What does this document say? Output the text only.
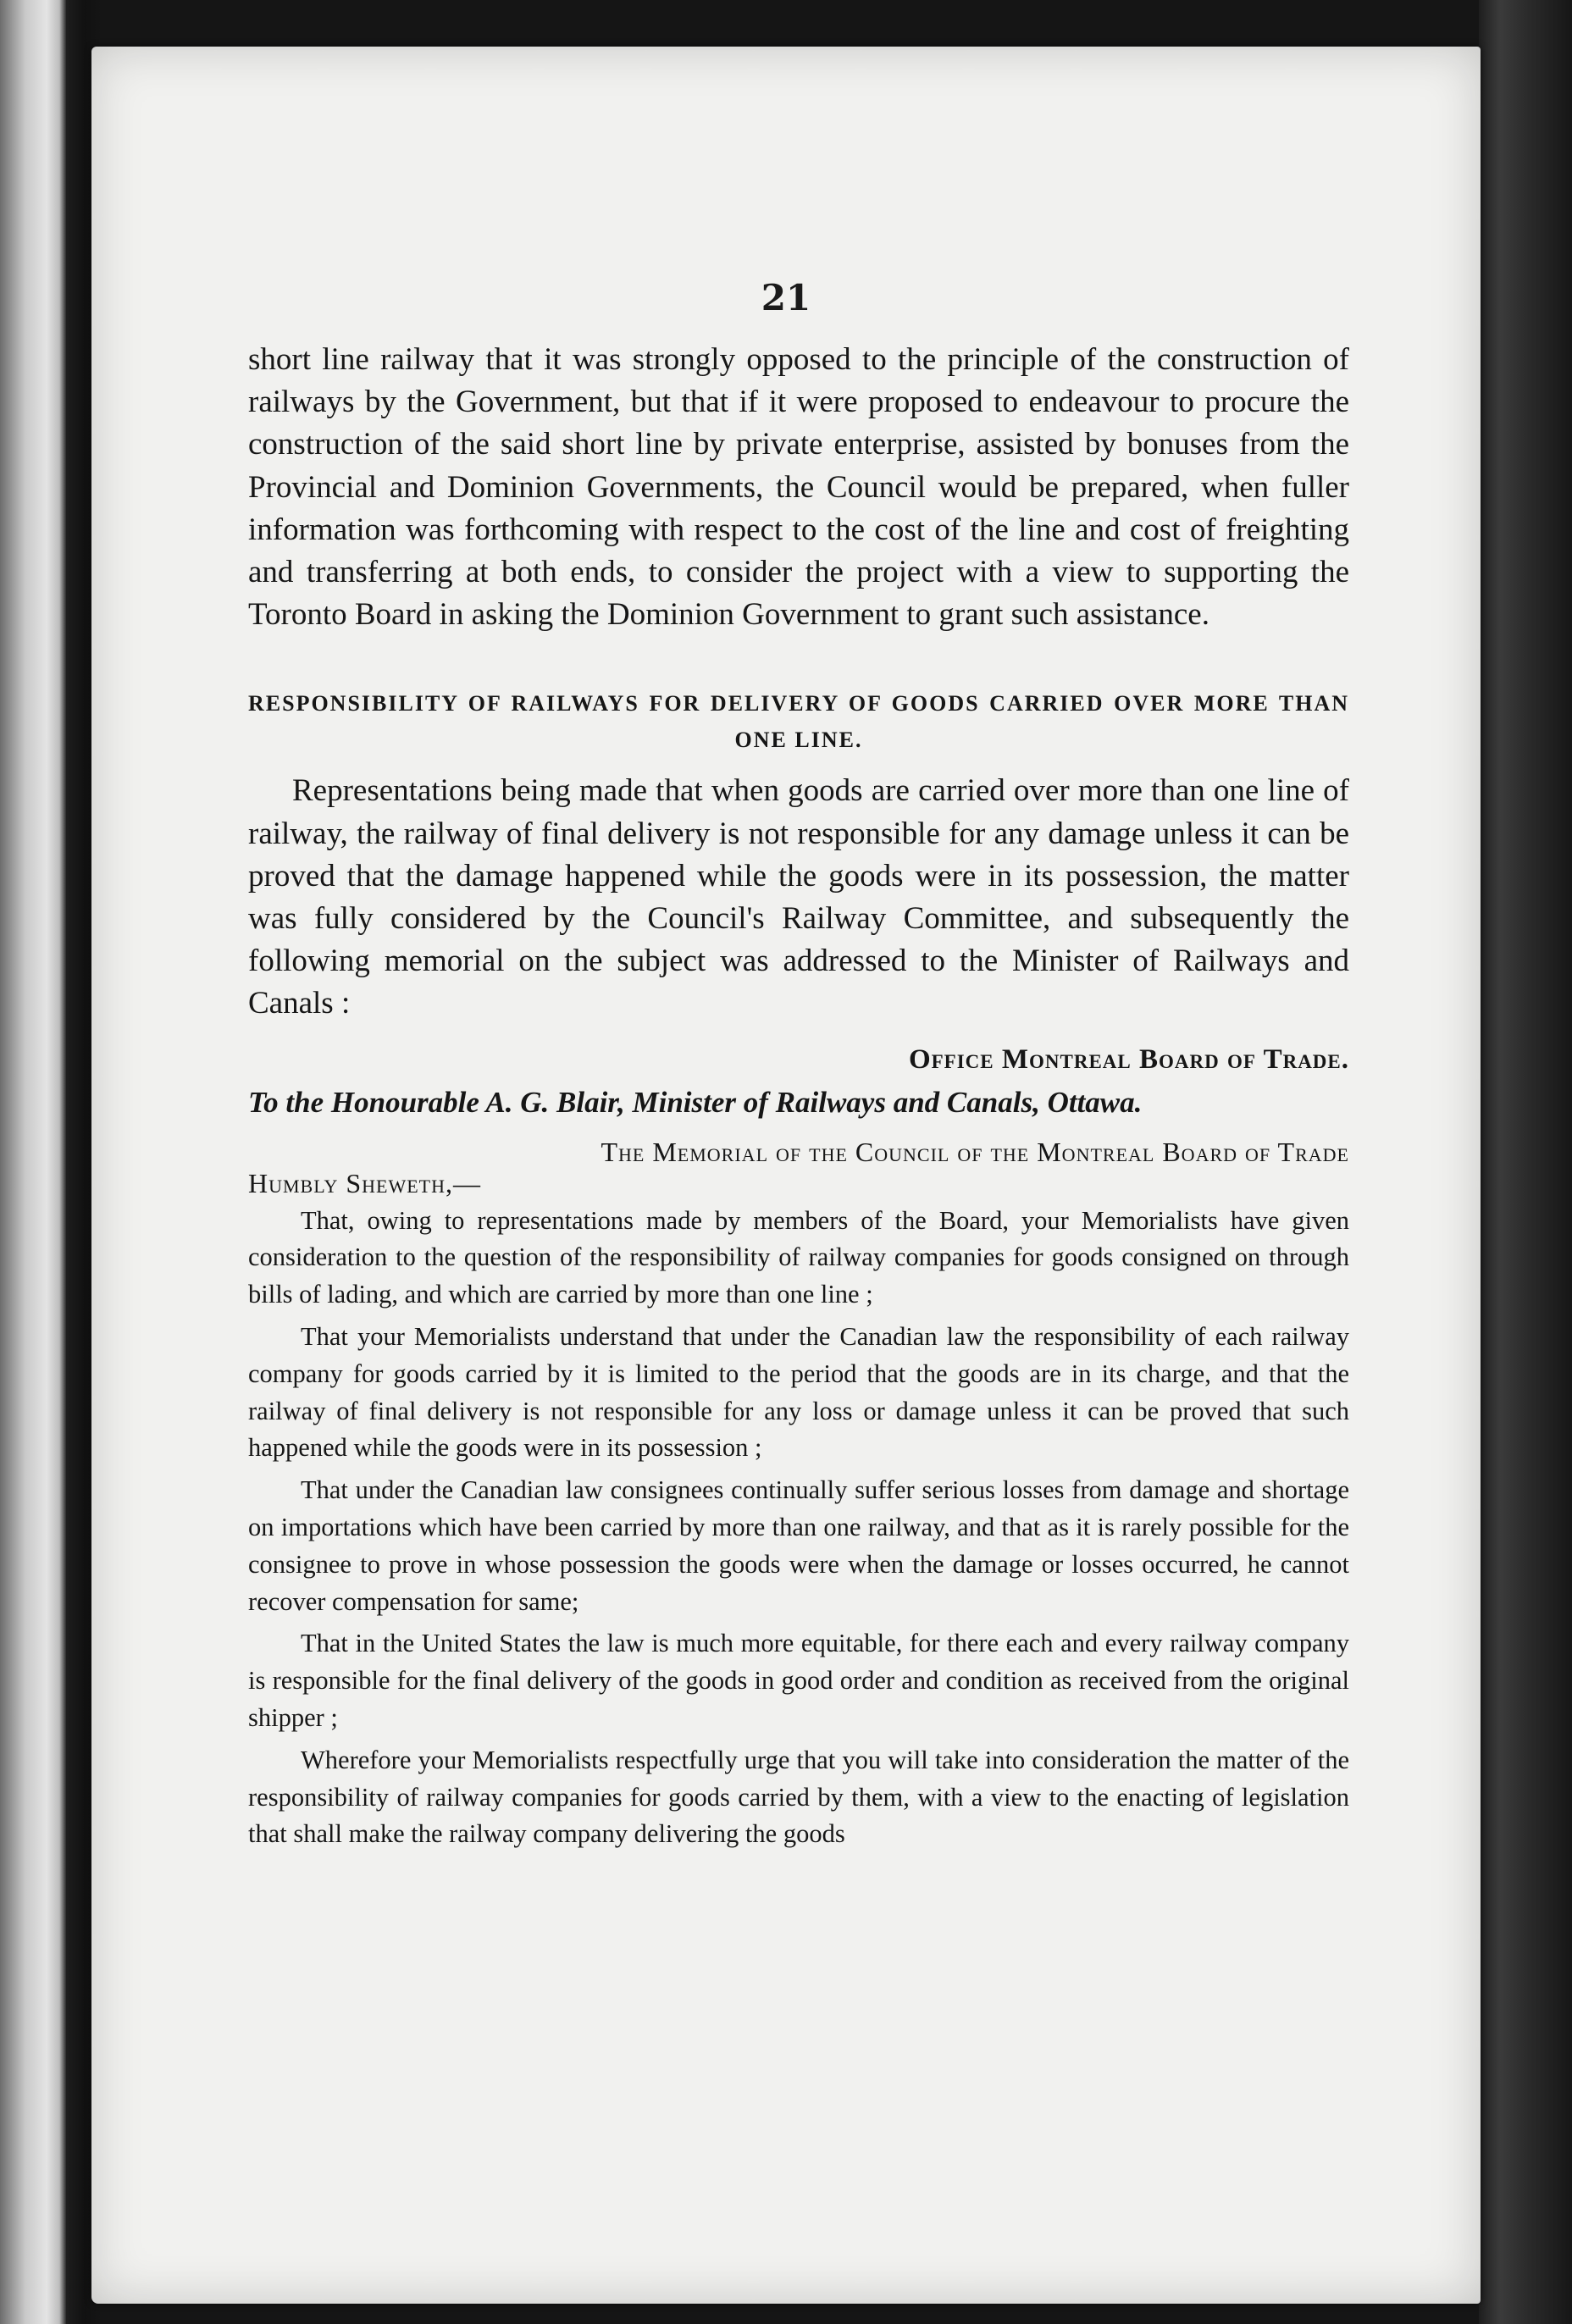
21

short line railway that it was strongly opposed to the principle of the construction of railways by the Government, but that if it were proposed to endeavour to procure the construction of the said short line by private enterprise, assisted by bonuses from the Provincial and Dominion Governments, the Council would be prepared, when fuller information was forthcoming with respect to the cost of the line and cost of freighting and transferring at both ends, to consider the project with a view to supporting the Toronto Board in asking the Dominion Government to grant such assistance.

RESPONSIBILITY OF RAILWAYS FOR DELIVERY OF GOODS CARRIED OVER MORE THAN ONE LINE.

Representations being made that when goods are carried over more than one line of railway, the railway of final delivery is not responsible for any damage unless it can be proved that the damage happened while the goods were in its possession, the matter was fully considered by the Council's Railway Committee, and subsequently the following memorial on the subject was addressed to the Minister of Railways and Canals :

Office Montreal Board of Trade.
To the Honourable A. G. Blair, Minister of Railways and Canals, Ottawa.
The Memorial of the Council of the Montreal Board of Trade
Humbly Sheweth,—

That, owing to representations made by members of the Board, your Memorialists have given consideration to the question of the responsibility of railway companies for goods consigned on through bills of lading, and which are carried by more than one line ;

That your Memorialists understand that under the Canadian law the responsibility of each railway company for goods carried by it is limited to the period that the goods are in its charge, and that the railway of final delivery is not responsible for any loss or damage unless it can be proved that such happened while the goods were in its possession ;

That under the Canadian law consignees continually suffer serious losses from damage and shortage on importations which have been carried by more than one railway, and that as it is rarely possible for the consignee to prove in whose possession the goods were when the damage or losses occurred, he cannot recover compensation for same;

That in the United States the law is much more equitable, for there each and every railway company is responsible for the final delivery of the goods in good order and condition as received from the original shipper ;

Wherefore your Memorialists respectfully urge that you will take into consideration the matter of the responsibility of railway companies for goods carried by them, with a view to the enacting of legislation that shall make the railway company delivering the goods
